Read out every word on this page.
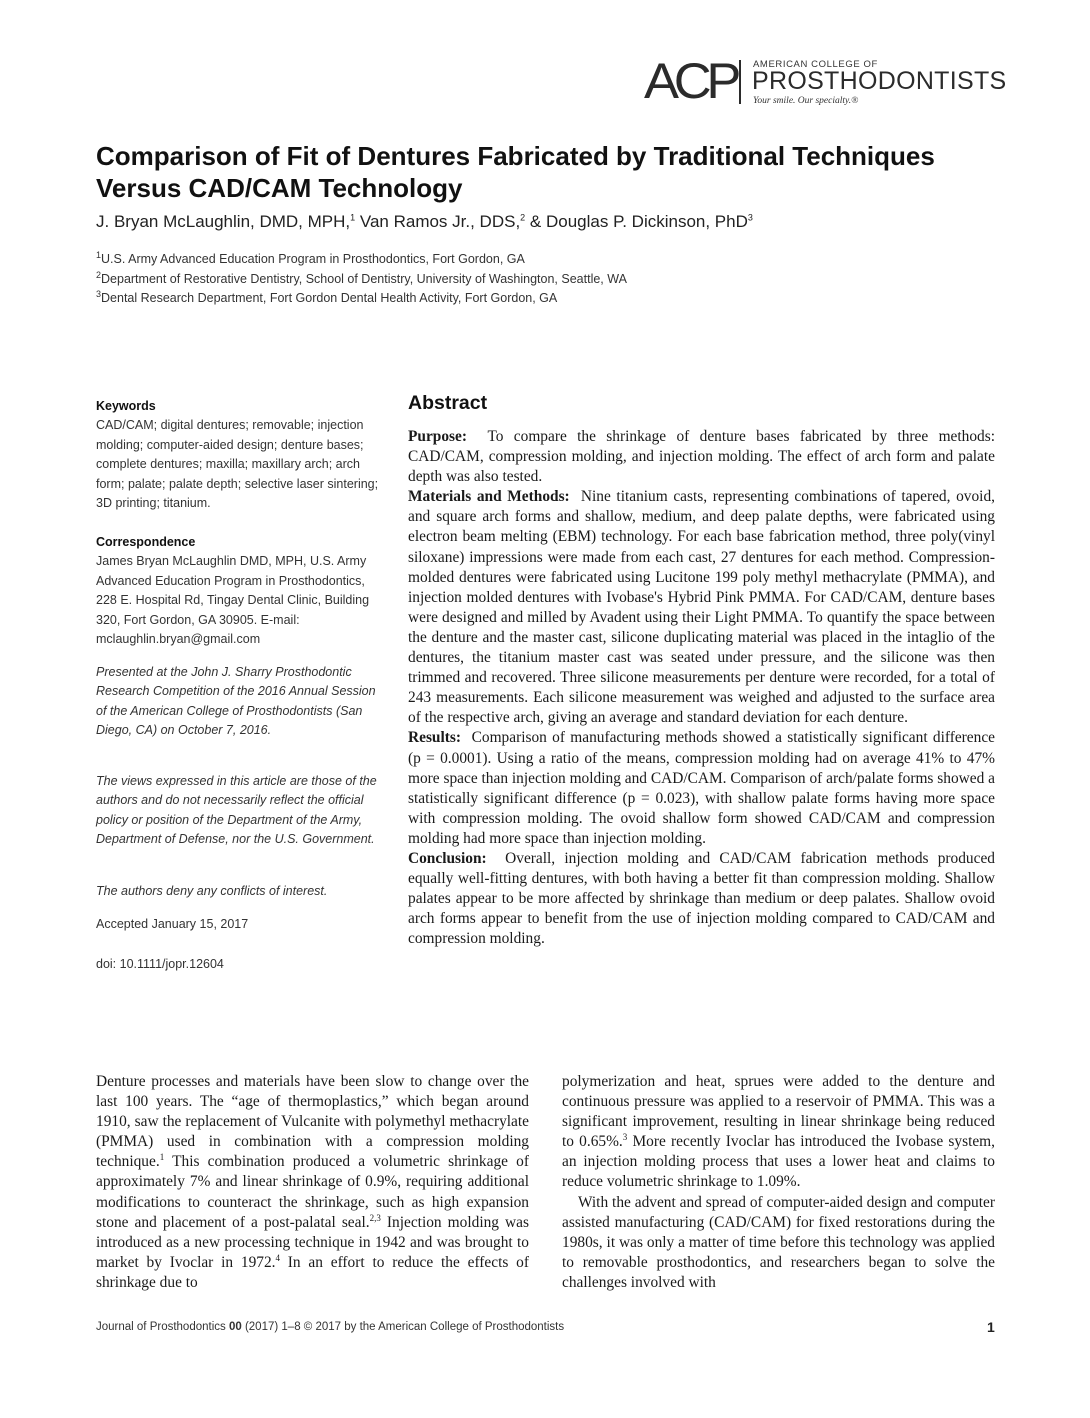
ACP AMERICAN COLLEGE OF
PROSTHODONTISTS
Your smile. Our specialty.®
Comparison of Fit of Dentures Fabricated by Traditional Techniques Versus CAD/CAM Technology
J. Bryan McLaughlin, DMD, MPH,$^1$ Van Ramos Jr., DDS,$^2$ & Douglas P. Dickinson, PhD$^3$
$^1$U.S. Army Advanced Education Program in Prosthodontics, Fort Gordon, GA
$^2$Department of Restorative Dentistry, School of Dentistry, University of Washington, Seattle, WA
$^3$Dental Research Department, Fort Gordon Dental Health Activity, Fort Gordon, GA
Keywords
CAD/CAM; digital dentures; removable; injection molding; computer-aided design; denture bases; complete dentures; maxilla; maxillary arch; arch form; palate; palate depth; selective laser sintering; 3D printing; titanium.
Correspondence
James Bryan McLaughlin DMD, MPH, U.S. Army Advanced Education Program in Prosthodontics, 228 E. Hospital Rd, Tingay Dental Clinic, Building 320, Fort Gordon, GA 30905. E-mail: mclaughlin.bryan@gmail.com
Presented at the John J. Sharry Prosthodontic Research Competition of the 2016 Annual Session of the American College of Prosthodontists (San Diego, CA) on October 7, 2016.
The views expressed in this article are those of the authors and do not necessarily reflect the official policy or position of the Department of the Army, Department of Defense, nor the U.S. Government.
The authors deny any conflicts of interest.
Accepted January 15, 2017
doi: 10.1111/jopr.12604
Abstract

Purpose: To compare the shrinkage of denture bases fabricated by three methods: CAD/CAM, compression molding, and injection molding. The effect of arch form and palate depth was also tested.

Materials and Methods: Nine titanium casts, representing combinations of tapered, ovoid, and square arch forms and shallow, medium, and deep palate depths, were fabricated using electron beam melting (EBM) technology. For each base fabrication method, three poly(vinyl siloxane) impressions were made from each cast, 27 dentures for each method. Compression-molded dentures were fabricated using Lucitone 199 poly methyl methacrylate (PMMA), and injection molded dentures with Ivobase's Hybrid Pink PMMA. For CAD/CAM, denture bases were designed and milled by Avadent using their Light PMMA. To quantify the space between the denture and the master cast, silicone duplicating material was placed in the intaglio of the dentures, the titanium master cast was seated under pressure, and the silicone was then trimmed and recovered. Three silicone measurements per denture were recorded, for a total of 243 measurements. Each silicone measurement was weighed and adjusted to the surface area of the respective arch, giving an average and standard deviation for each denture.

Results: Comparison of manufacturing methods showed a statistically significant difference (p = 0.0001). Using a ratio of the means, compression molding had on average 41% to 47% more space than injection molding and CAD/CAM. Comparison of arch/palate forms showed a statistically significant difference (p = 0.023), with shallow palate forms having more space with compression molding. The ovoid shallow form showed CAD/CAM and compression molding had more space than injection molding.

Conclusion: Overall, injection molding and CAD/CAM fabrication methods produced equally well-fitting dentures, with both having a better fit than compression molding. Shallow palates appear to be more affected by shrinkage than medium or deep palates. Shallow ovoid arch forms appear to benefit from the use of injection molding compared to CAD/CAM and compression molding.

Denture processes and materials have been slow to change over the last 100 years. The “age of thermoplastics,” which began around 1910, saw the replacement of Vulcanite with polymethyl methacrylate (PMMA) used in combination with a compression molding technique.$^1$ This combination produced a volumetric shrinkage of approximately 7% and linear shrinkage of 0.9%, requiring additional modifications to counteract the shrinkage, such as high expansion stone and placement of a post-palatal seal.$^{2,3}$ Injection molding was introduced as a new processing technique in 1942 and was brought to market by Ivoclar in 1972.$^4$ In an effort to reduce the effects of shrinkage due to

polymerization and heat, sprues were added to the denture and continuous pressure was applied to a reservoir of PMMA. This was a significant improvement, resulting in linear shrinkage being reduced to 0.65%.$^3$ More recently Ivoclar has introduced the Ivobase system, an injection molding process that uses a lower heat and claims to reduce volumetric shrinkage to 1.09%.

With the advent and spread of computer-aided design and computer assisted manufacturing (CAD/CAM) for fixed restorations during the 1980s, it was only a matter of time before this technology was applied to removable prosthodontics, and researchers began to solve the challenges involved with

Journal of Prosthodontics 00 (2017) 1–8 © 2017 by the American College of Prosthodontists	1
